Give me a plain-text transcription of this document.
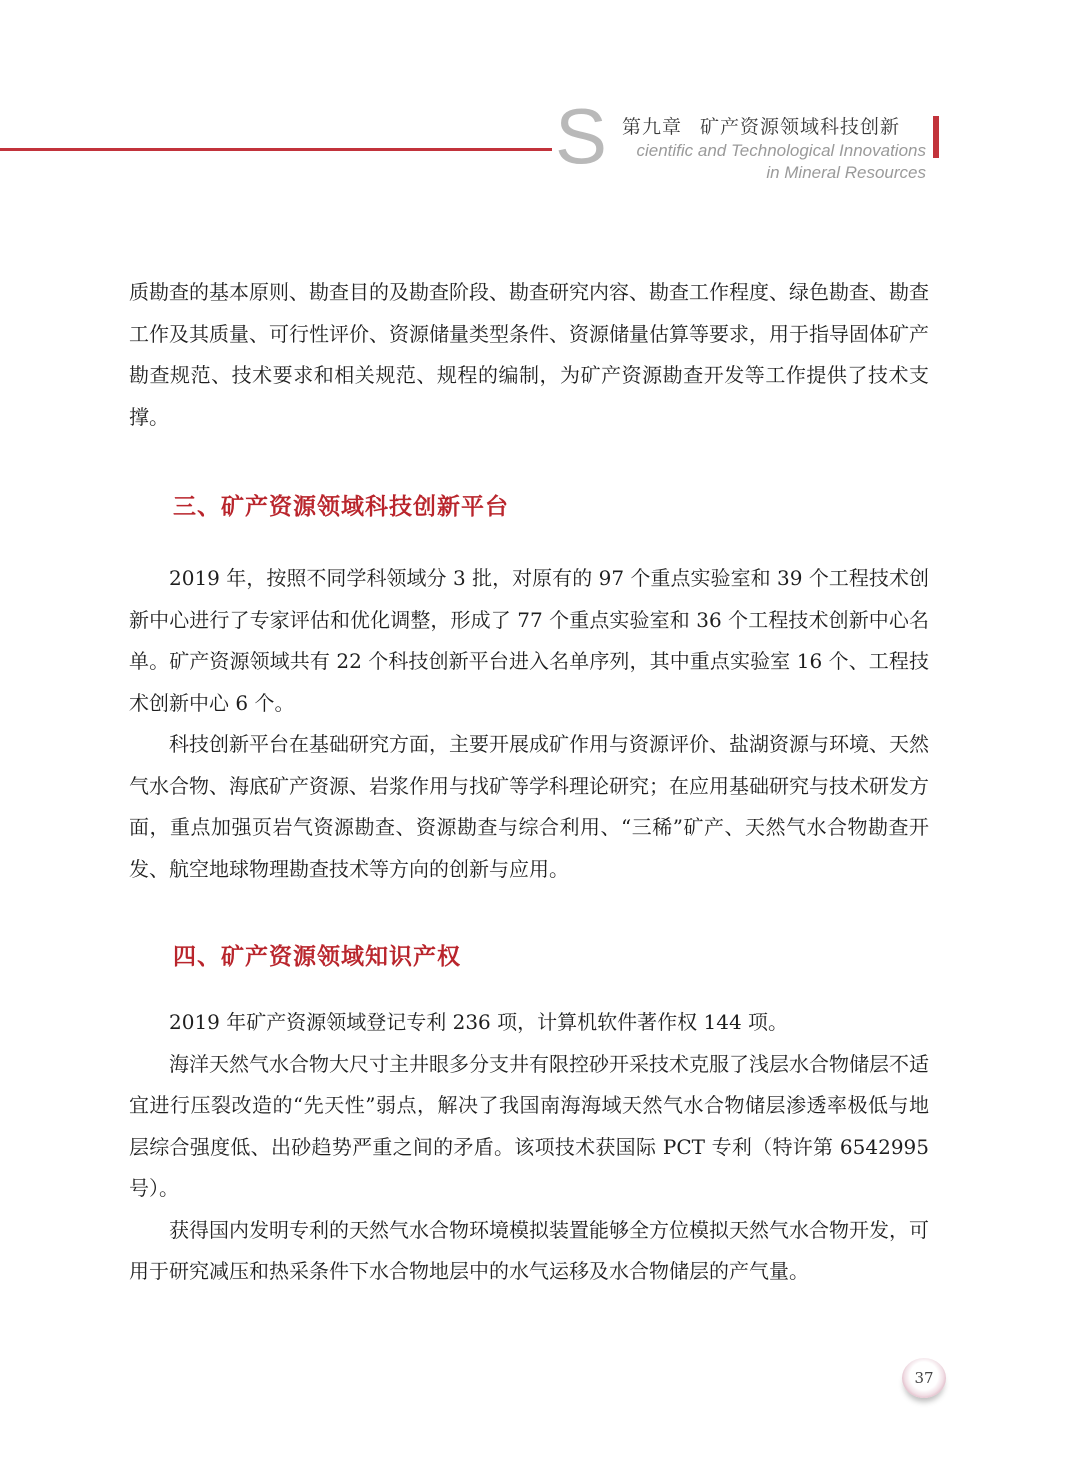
S 第九章 矿产资源领域科技创新
cientific and Technological Innovations
in Mineral Resources

质勘查的基本原则、勘查目的及勘查阶段、勘查研究内容、勘查工作程度、绿色勘查、勘查工作及其质量、可行性评价、资源储量类型条件、资源储量估算等要求，用于指导固体矿产勘查规范、技术要求和相关规范、规程的编制，为矿产资源勘查开发等工作提供了技术支撑。

三、矿产资源领域科技创新平台

2019 年，按照不同学科领域分 3 批，对原有的 97 个重点实验室和 39 个工程技术创新中心进行了专家评估和优化调整，形成了 77 个重点实验室和 36 个工程技术创新中心名单。矿产资源领域共有 22 个科技创新平台进入名单序列，其中重点实验室 16 个、工程技术创新中心 6 个。

科技创新平台在基础研究方面，主要开展成矿作用与资源评价、盐湖资源与环境、天然气水合物、海底矿产资源、岩浆作用与找矿等学科理论研究；在应用基础研究与技术研发方面，重点加强页岩气资源勘查、资源勘查与综合利用、“三稀”矿产、天然气水合物勘查开发、航空地球物理勘查技术等方向的创新与应用。

四、矿产资源领域知识产权

2019 年矿产资源领域登记专利 236 项，计算机软件著作权 144 项。

海洋天然气水合物大尺寸主井眼多分支井有限控砂开采技术克服了浅层水合物储层不适宜进行压裂改造的“先天性”弱点，解决了我国南海海域天然气水合物储层渗透率极低与地层综合强度低、出砂趋势严重之间的矛盾。该项技术获国际 PCT 专利（特许第 6542995 号）。

获得国内发明专利的天然气水合物环境模拟装置能够全方位模拟天然气水合物开发，可用于研究减压和热采条件下水合物地层中的水气运移及水合物储层的产气量。

37
